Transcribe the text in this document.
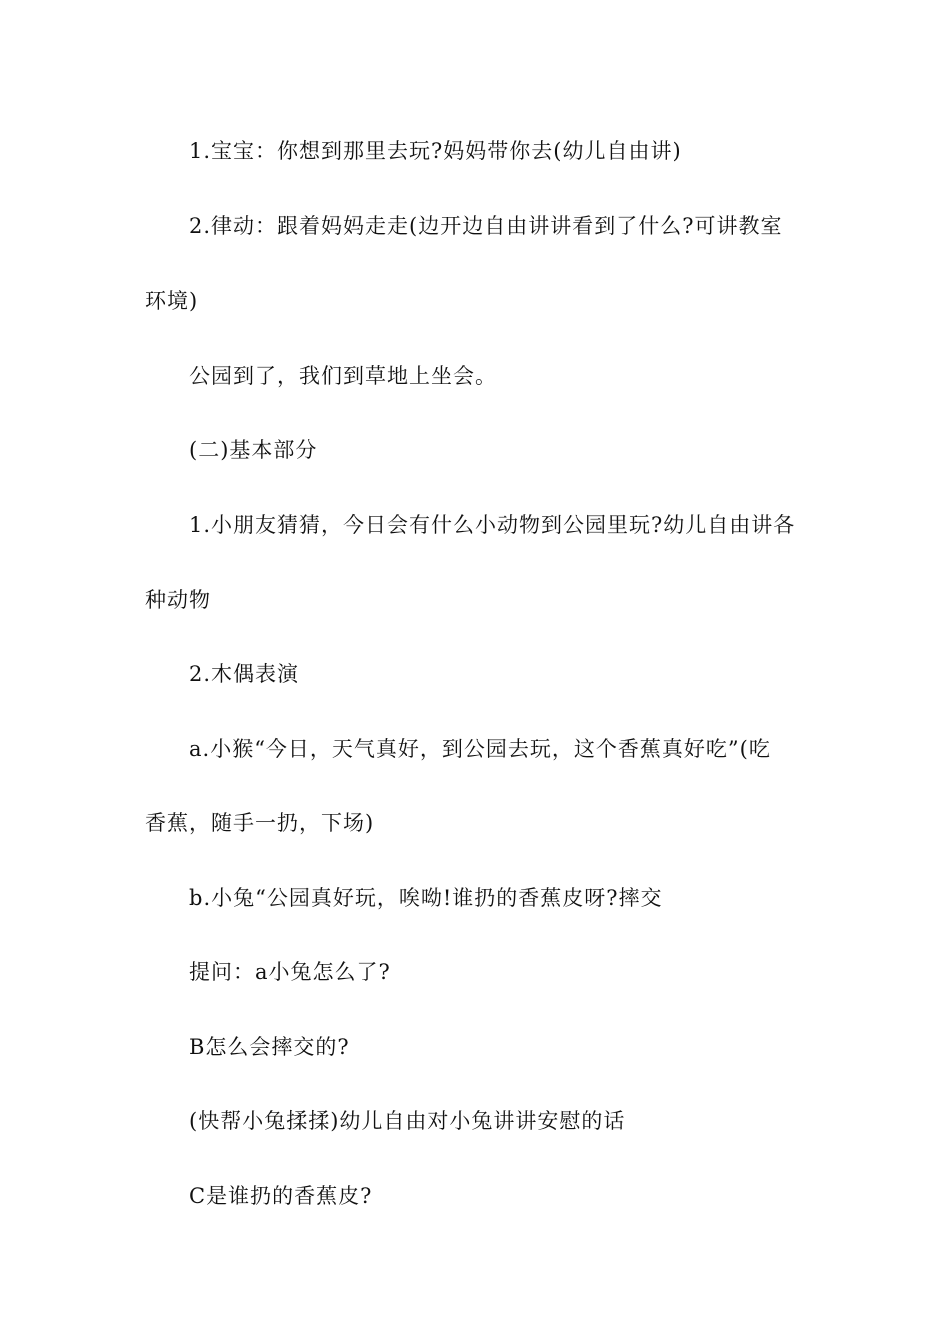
1.宝宝：你想到那里去玩?妈妈带你去(幼儿自由讲)
2.律动：跟着妈妈走走(边开边自由讲讲看到了什么?可讲教室
环境)
公园到了，我们到草地上坐会。
(二)基本部分
1.小朋友猜猜，今日会有什么小动物到公园里玩?幼儿自由讲各
种动物
2.木偶表演
a.小猴“今日，天气真好，到公园去玩，这个香蕉真好吃”(吃
香蕉，随手一扔，下场)
b.小兔“公园真好玩，唉呦!谁扔的香蕉皮呀?摔交
提问：a小兔怎么了?
B怎么会摔交的?
(快帮小兔揉揉)幼儿自由对小兔讲讲安慰的话
C是谁扔的香蕉皮?
